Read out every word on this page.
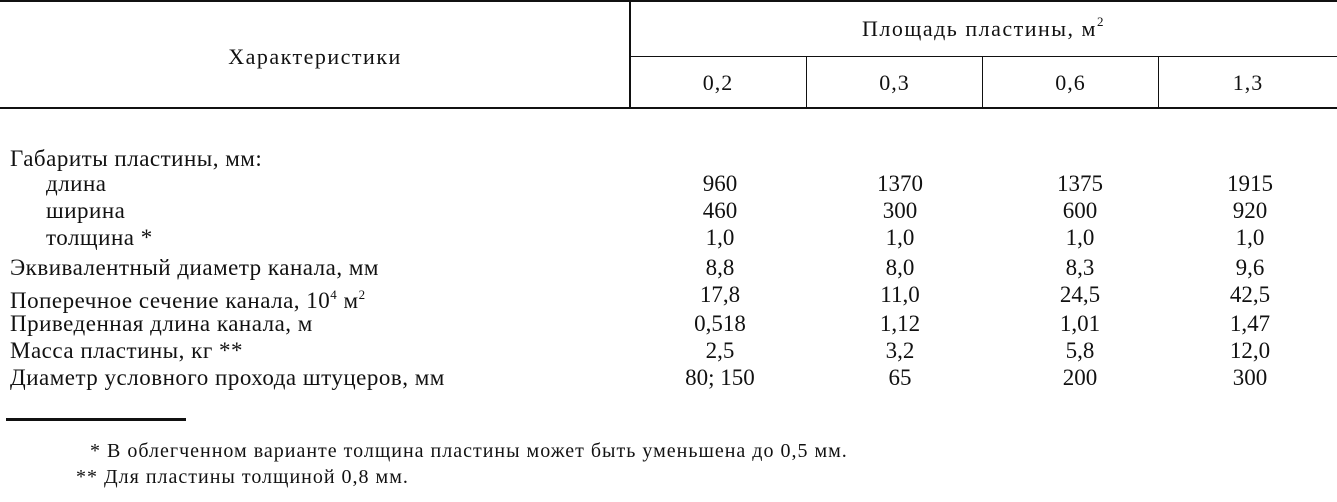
Характеристики
Площадь пластины, $м^2$
0,2	0,3	0,6	1,3
Габариты пластины, мм:
длина	960	1370	1375	1915
ширина	460	300	600	920
толщина *	1,0	1,0	1,0	1,0
Эквивалентный диаметр канала, мм	8,8	8,0	8,3	9,6
Поперечное сечение канала, $10^4$ $м^2$	17,8	11,0	24,5	42,5
Приведенная длина канала, м	0,518	1,12	1,01	1,47
Масса пластины, кг **	2,5	3,2	5,8	12,0
Диаметр условного прохода штуцеров, мм	80; 150	65	200	300
* В облегченном варианте толщина пластины может быть уменьшена до 0,5 мм.
** Для пластины толщиной 0,8 мм.
